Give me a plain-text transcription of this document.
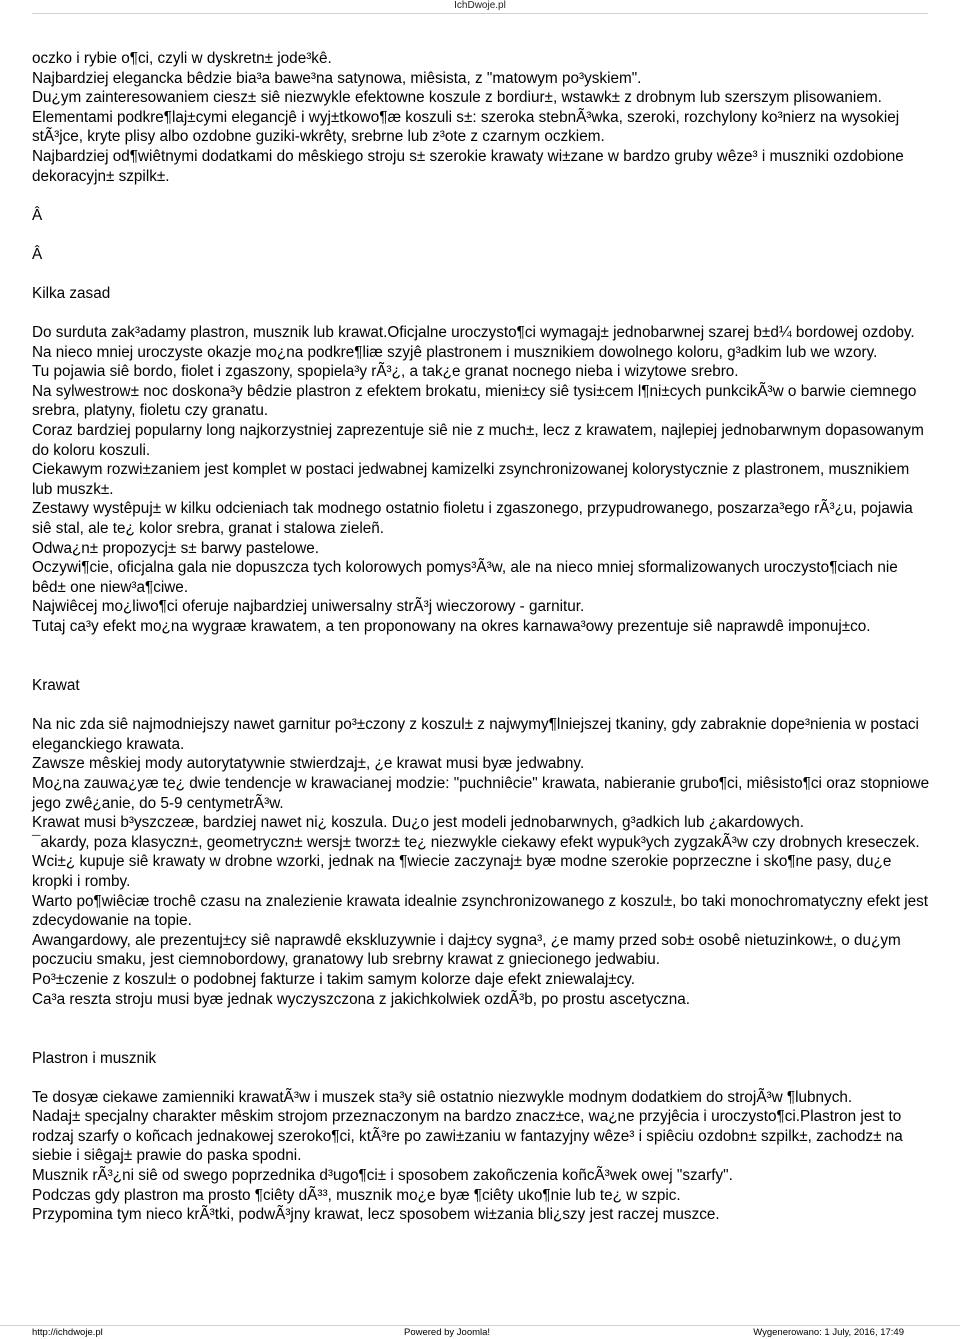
IchDwoje.pl

oczko i rybie o¶ci, czyli w dyskretn± jode³kê.

Najbardziej elegancka bêdzie bia³a bawe³na satynowa, miêsista, z "matowym po³yskiem".

Du¿ym zainteresowaniem ciesz± siê niezwykle efektowne koszule z bordiur±, wstawk± z drobnym lub szerszym plisowaniem.

Elementami podkre¶laj±cymi elegancjê i wyj±tkowo¶æ koszuli s±: szeroka stebnÃ³wka, szeroki, rozchylony ko³nierz na wysokiej stÃ³jce, kryte plisy albo ozdobne guziki-wkrêty, srebrne lub z³ote z czarnym oczkiem.

Najbardziej od¶wiêtnymi dodatkami do mêskiego stroju s± szerokie krawaty wi±zane w bardzo gruby wêze³ i muszniki ozdobione dekoracyjn± szpilk±.

Â

Â

Kilka zasad

Do surduta zak³adamy plastron, musznik lub krawat.Oficjalne uroczysto¶ci wymagaj± jednobarwnej szarej b±d¼ bordowej ozdoby.

Na nieco mniej uroczyste okazje mo¿na podkre¶liæ szyjê plastronem i musznikiem dowolnego koloru, g³adkim lub we wzory.

Tu pojawia siê bordo, fiolet i zgaszony, spopiela³y rÃ³¿, a tak¿e granat nocnego nieba i wizytowe srebro.

Na sylwestrow± noc doskona³y bêdzie plastron z efektem brokatu, mieni±cy siê tysi±cem l¶ni±cych punkcikÃ³w o barwie ciemnego srebra, platyny, fioletu czy granatu.

Coraz bardziej popularny long najkorzystniej zaprezentuje siê nie z much±, lecz z krawatem, najlepiej jednobarwnym dopasowanym do koloru koszuli.

Ciekawym rozwi±zaniem jest komplet w postaci jedwabnej kamizelki zsynchronizowanej kolorystycznie z plastronem, musznikiem lub muszk±.

Zestawy wystêpuj± w kilku odcieniach tak modnego ostatnio fioletu i zgaszonego, przypudrowanego, poszarza³ego rÃ³¿u, pojawia siê stal, ale te¿ kolor srebra, granat i stalowa zieleñ.

Odwa¿n± propozycj± s± barwy pastelowe.

Oczywi¶cie, oficjalna gala nie dopuszcza tych kolorowych pomys³Ã³w, ale na nieco mniej sformalizowanych uroczysto¶ciach nie bêd± one niew³a¶ciwe.

Najwiêcej mo¿liwo¶ci oferuje najbardziej uniwersalny strÃ³j wieczorowy - garnitur.

Tutaj ca³y efekt mo¿na wygraæ krawatem, a ten proponowany na okres karnawa³owy prezentuje siê naprawdê imponuj±co.

Krawat

Na nic zda siê najmodniejszy nawet garnitur po³±czony z koszul± z najwymy¶lniejszej tkaniny, gdy zabraknie dope³nienia w postaci eleganckiego krawata.

Zawsze mêskiej mody autorytatywnie stwierdzaj±, ¿e krawat musi byæ jedwabny.

Mo¿na zauwa¿yæ te¿ dwie tendencje w krawacianej modzie: "puchniêcie" krawata, nabieranie grubo¶ci, miêsisto¶ci oraz stopniowe jego zwê¿anie, do 5-9 centymetrÃ³w.

Krawat musi b³yszczeæ, bardziej nawet ni¿ koszula. Du¿o jest modeli jednobarwnych, g³adkich lub ¿akardowych.

¯akardy, poza klasyczn±, geometryczn± wersj± tworz± te¿ niezwykle ciekawy efekt wypuk³ych zygzakÃ³w czy drobnych kreseczek.

Wci±¿ kupuje siê krawaty w drobne wzorki, jednak na ¶wiecie zaczynaj± byæ modne szerokie poprzeczne i sko¶ne pasy, du¿e kropki i romby.

Warto po¶wiêciæ trochê czasu na znalezienie krawata idealnie zsynchronizowanego z koszul±, bo taki monochromatyczny efekt jest zdecydowanie na topie.

Awangardowy, ale prezentuj±cy siê naprawdê ekskluzywnie i daj±cy sygna³, ¿e mamy przed sob± osobê nietuzinkow±, o du¿ym poczuciu smaku, jest ciemnobordowy, granatowy lub srebrny krawat z gniecionego jedwabiu.

Po³±czenie z koszul± o podobnej fakturze i takim samym kolorze daje efekt zniewalaj±cy.

Ca³a reszta stroju musi byæ jednak wyczyszczona z jakichkolwiek ozdÃ³b, po prostu ascetyczna.

Plastron i musznik

Te dosyæ ciekawe zamienniki krawatÃ³w i muszek sta³y siê ostatnio niezwykle modnym dodatkiem do strojÃ³w ¶lubnych.

Nadaj± specjalny charakter mêskim strojom przeznaczonym na bardzo znacz±ce, wa¿ne przyjêcia i uroczysto¶ci.Plastron jest to rodzaj szarfy o koñcach jednakowej szeroko¶ci, ktÃ³re po zawi±zaniu w fantazyjny wêze³ i spiêciu ozdobn± szpilk±, zachodz± na siebie i siêgaj± prawie do paska spodni.

Musznik rÃ³¿ni siê od swego poprzednika d³ugo¶ci± i sposobem zakoñczenia koñcÃ³wek owej "szarfy".

Podczas gdy plastron ma prosto ¶ciêty dÃ³³, musznik mo¿e byæ ¶ciêty uko¶nie lub te¿ w szpic.

Przypomina tym nieco krÃ³tki, podwÃ³jny krawat, lecz sposobem wi±zania bli¿szy jest raczej muszce.

http://ichdwoje.pl	Powered by Joomla!	Wygenerowano: 1 July, 2016, 17:49
